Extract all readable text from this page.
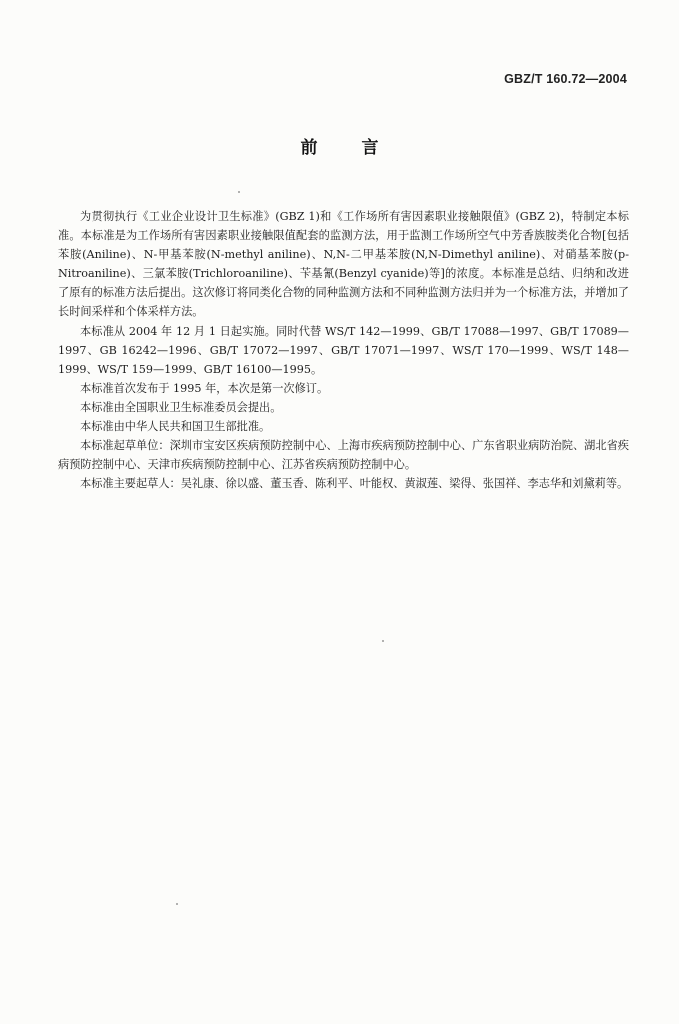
GBZ/T 160.72—2004
前言

为贯彻执行《工业企业设计卫生标准》(GBZ 1)和《工作场所有害因素职业接触限值》(GBZ 2)，特制定本标准。本标准是为工作场所有害因素职业接触限值配套的监测方法，用于监测工作场所空气中芳香族胺类化合物[包括苯胺(Aniline)、N-甲基苯胺(N-methyl aniline)、N,N-二甲基苯胺(N,N-Dimethyl aniline)、对硝基苯胺(p-Nitroaniline)、三氯苯胺(Trichloroaniline)、苄基氰(Benzyl cyanide)等]的浓度。本标准是总结、归纳和改进了原有的标准方法后提出。这次修订将同类化合物的同种监测方法和不同种监测方法归并为一个标准方法，并增加了长时间采样和个体采样方法。

本标准从 2004 年 12 月 1 日起实施。同时代替 WS/T 142—1999、GB/T 17088—1997、GB/T 17089—1997、GB 16242—1996、GB/T 17072—1997、GB/T 17071—1997、WS/T 170—1999、WS/T 148—1999、WS/T 159—1999、GB/T 16100—1995。

本标准首次发布于 1995 年，本次是第一次修订。

本标准由全国职业卫生标准委员会提出。

本标准由中华人民共和国卫生部批准。

本标准起草单位：深圳市宝安区疾病预防控制中心、上海市疾病预防控制中心、广东省职业病防治院、湖北省疾病预防控制中心、天津市疾病预防控制中心、江苏省疾病预防控制中心。

本标准主要起草人：吴礼康、徐以盛、董玉香、陈利平、叶能权、黄淑莲、梁得、张国祥、李志华和刘黛莉等。
